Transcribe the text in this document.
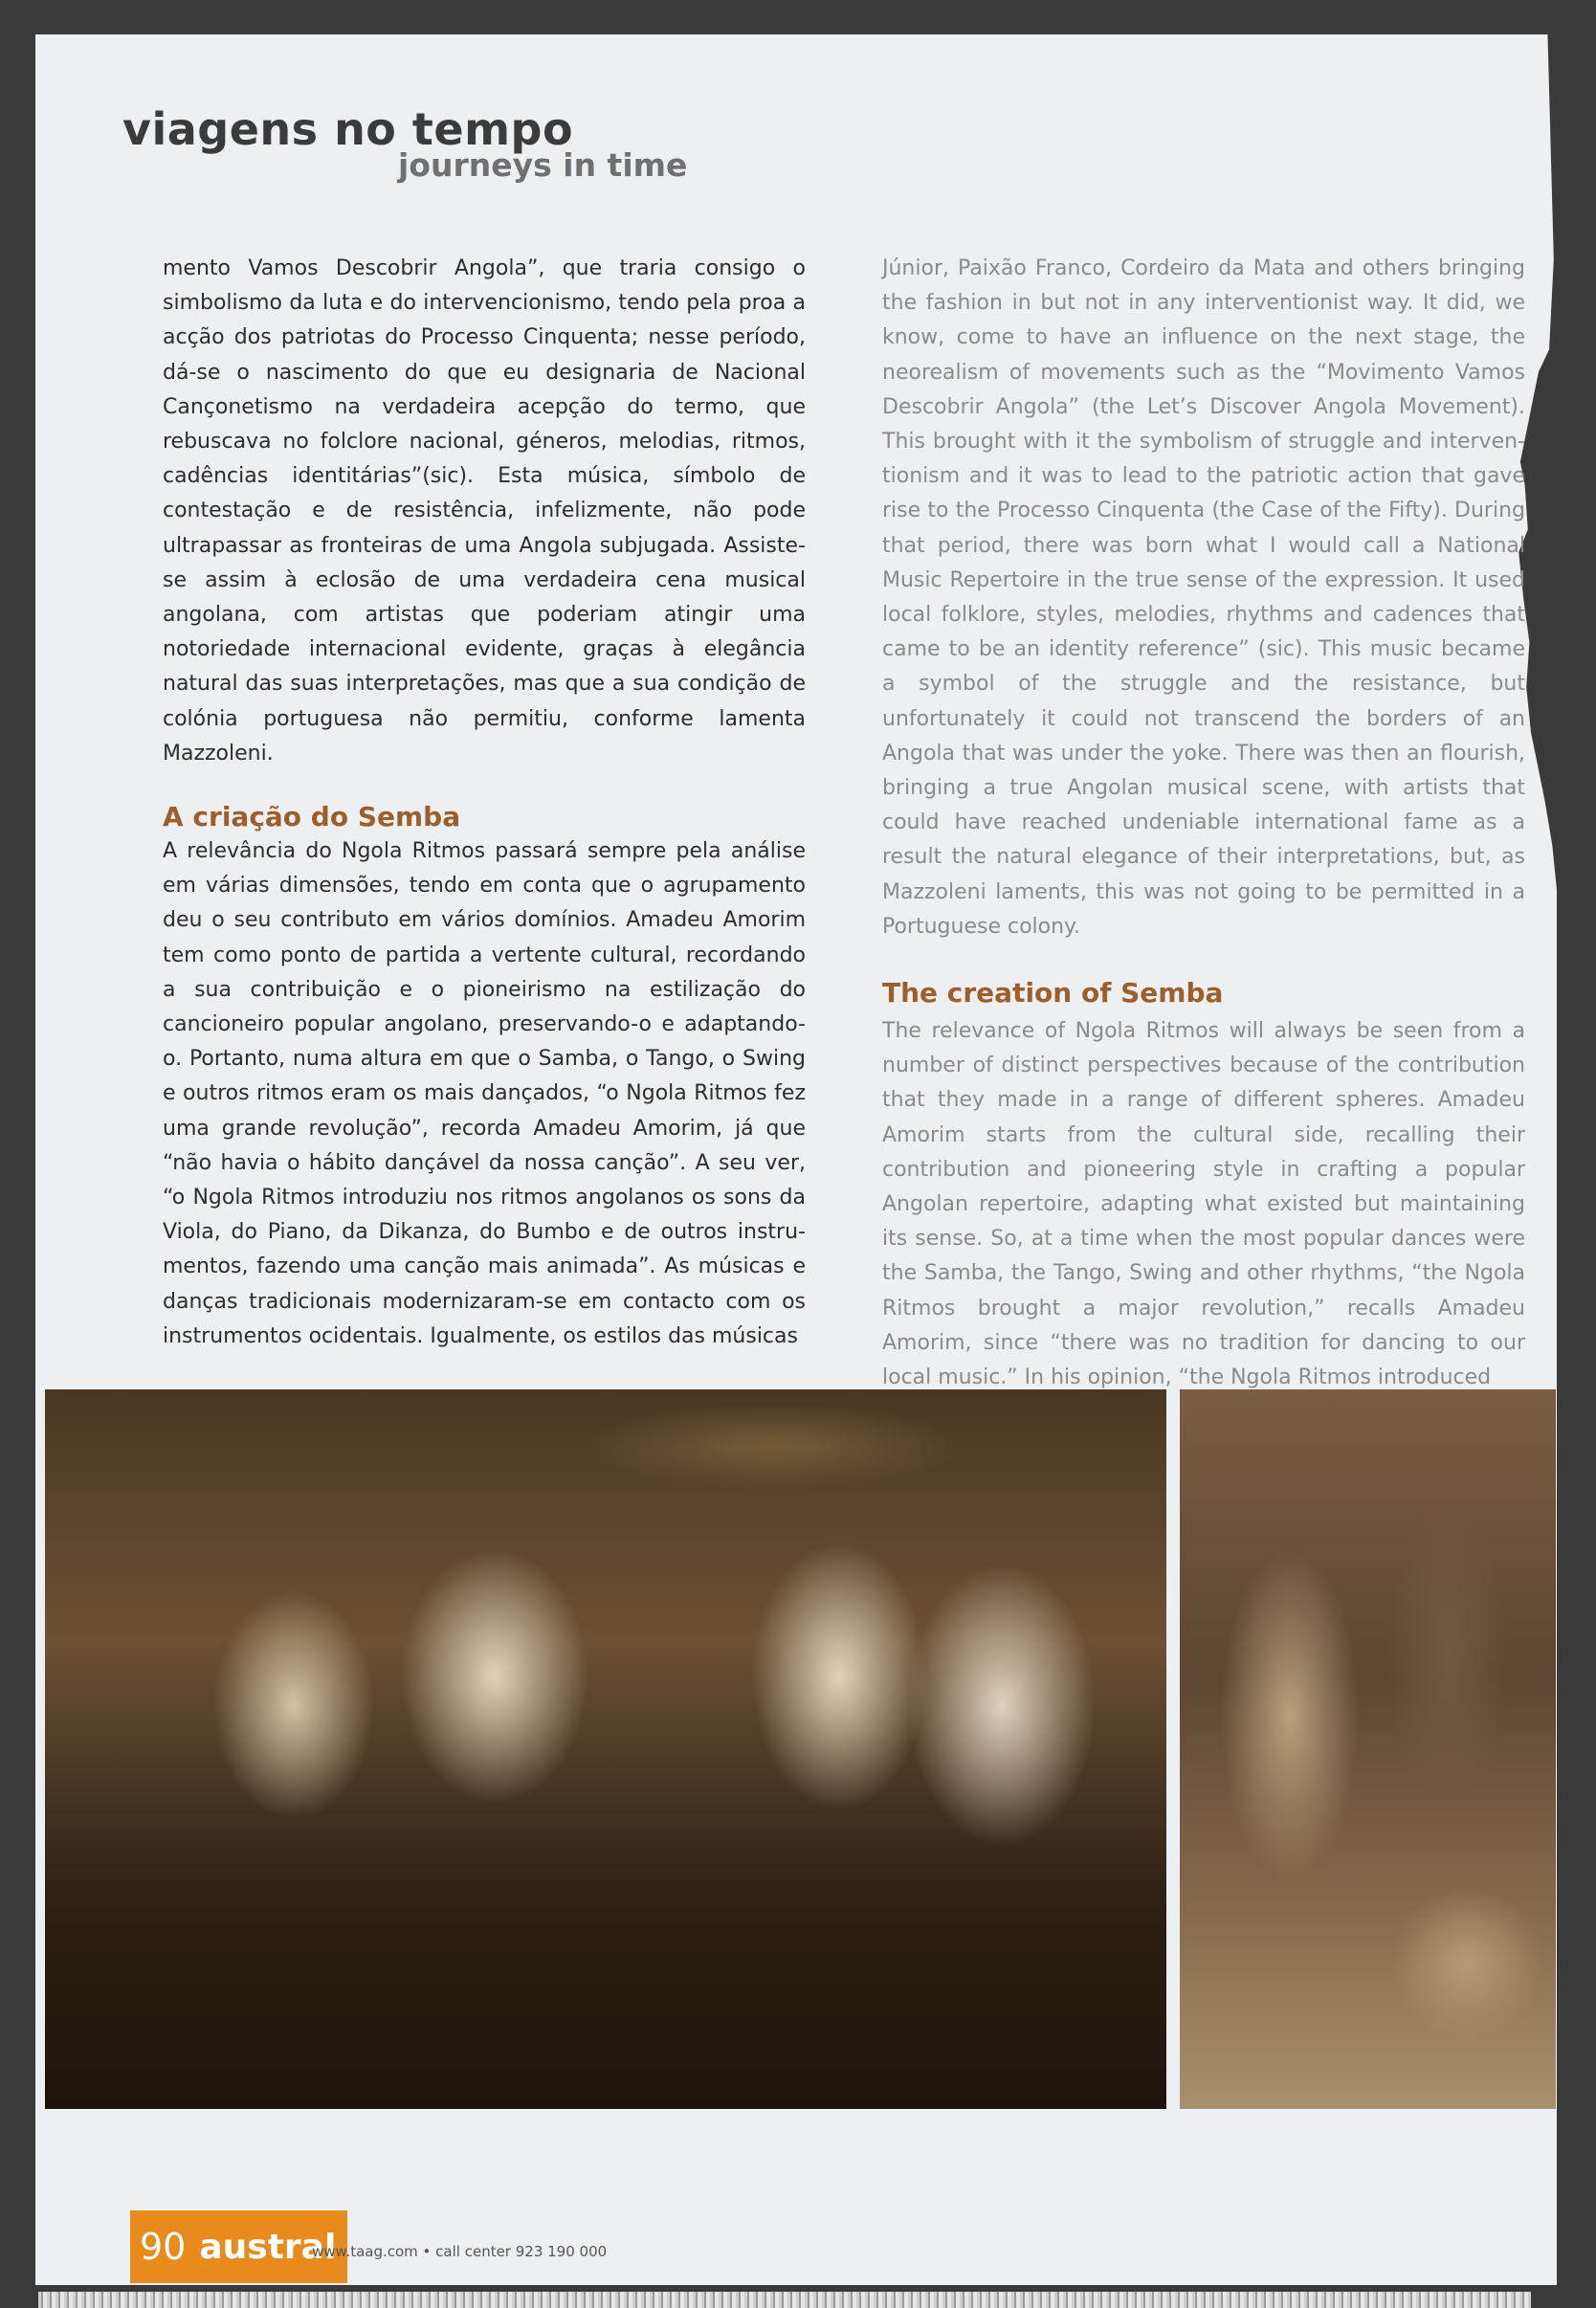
viagens no tempo
journeys in time

mento Vamos Descobrir Angola”, que traria consigo o simbolismo da luta e do intervencionismo, tendo pela proa a acção dos patriotas do Processo Cinquenta; nesse período, dá-se o nascimento do que eu designaria de Nacional Cançonetismo na verdadeira acepção do termo, que rebuscava no folclore nacional, géneros, melodias, ritmos, cadências identitárias”(sic). Esta música, símbolo de contestação e de resistência, infelizmente, não pode ultrapassar as fronteiras de uma Angola subjugada. Assiste-se assim à eclosão de uma verdadeira cena musical angolana, com artistas que poderiam atingir uma notoriedade internacional evidente, graças à elegância natural das suas interpretações, mas que a sua condição de colónia portuguesa não permitiu, conforme lamenta Mazzoleni.

A criação do Semba

A relevância do Ngola Ritmos passará sempre pela análise em várias dimensões, tendo em conta que o agrupamento deu o seu contributo em vários domínios. Amadeu Amorim tem como ponto de partida a vertente cultural, recordando a sua contribuição e o pioneirismo na estilização do cancioneiro popular angolano, preservando-o e adaptando-o. Portanto, numa altura em que o Samba, o Tango, o Swing e outros ritmos eram os mais dançados, “o Ngola Ritmos fez uma grande revolução”, recorda Amadeu Amorim, já que “não havia o hábito dançável da nossa canção”. A seu ver, “o Ngola Ritmos introduziu nos ritmos angolanos os sons da Viola, do Piano, da Dikanza, do Bumbo e de outros instrumentos, fazendo uma canção mais animada”. As músicas e danças tradicionais modernizaram-se em contacto com os instrumentos ocidentais. Igualmente, os estilos das músicas

Júnior, Paixão Franco, Cordeiro da Mata and others bringing the fashion in but not in any interventionist way. It did, we know, come to have an influence on the next stage, the neorealism of movements such as the “Movimento Vamos Descobrir Angola” (the Let’s Discover Angola Movement). This brought with it the symbolism of struggle and interventionism and it was to lead to the patriotic action that gave rise to the Processo Cinquenta (the Case of the Fifty). During that period, there was born what I would call a National Music Repertoire in the true sense of the expression. It used local folklore, styles, melodies, rhythms and cadences that came to be an identity reference” (sic). This music became a symbol of the struggle and the resistance, but unfortunately it could not transcend the borders of an Angola that was under the yoke. There was then an flourish, bringing a true Angolan musical scene, with artists that could have reached undeniable international fame as a result the natural elegance of their interpretations, but, as Mazzoleni laments, this was not going to be permitted in a Portuguese colony.

The creation of Semba

The relevance of Ngola Ritmos will always be seen from a number of distinct perspectives because of the contribution that they made in a range of different spheres. Amadeu Amorim starts from the cultural side, recalling their contribution and pioneering style in crafting a popular Angolan repertoire, adapting what existed but maintaining its sense. So, at a time when the most popular dances were the Samba, the Tango, Swing and other rhythms, “the Ngola Ritmos brought a major revolution,” recalls Amadeu Amorim, since “there was no tradition for dancing to our local music.” In his opinion, “the Ngola Ritmos introduced

90 austral
www.taag.com • call center 923 190 000
